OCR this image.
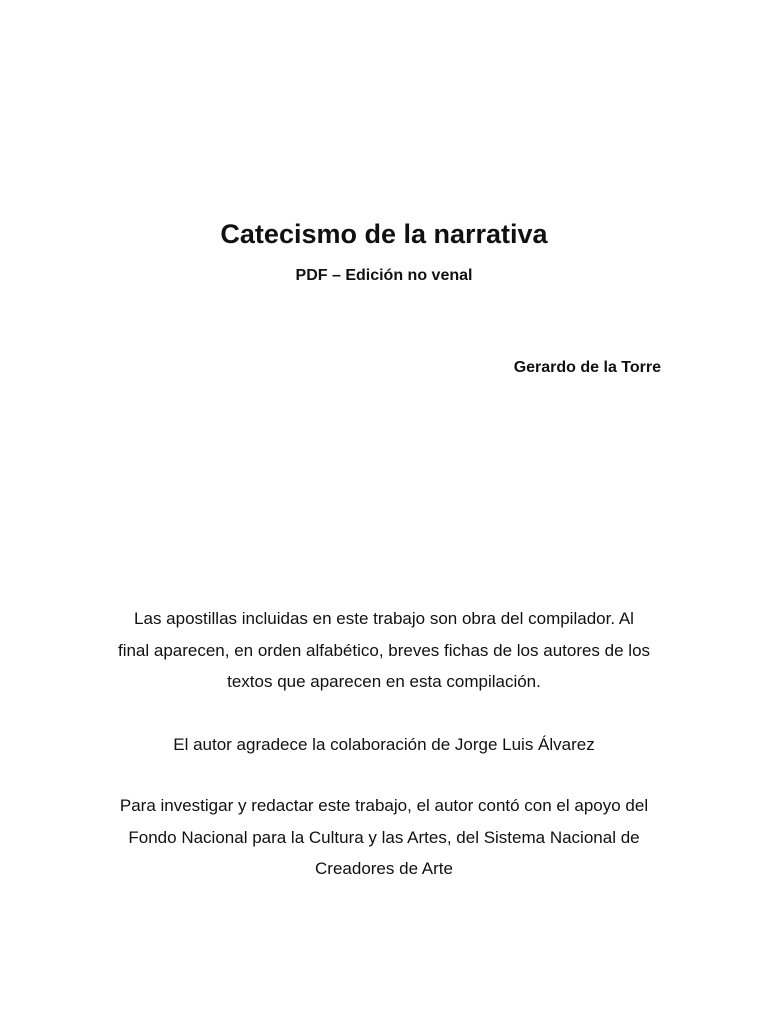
Catecismo de la narrativa
PDF – Edición no venal
Gerardo de la Torre
Las apostillas incluidas en este trabajo son obra del compilador. Al
final aparecen, en orden alfabético, breves fichas de los autores de los
textos que aparecen en esta compilación.
El autor agradece la colaboración de Jorge Luis Álvarez
Para investigar y redactar este trabajo, el autor contó con el apoyo del
Fondo Nacional para la Cultura y las Artes, del Sistema Nacional de
Creadores de Arte
